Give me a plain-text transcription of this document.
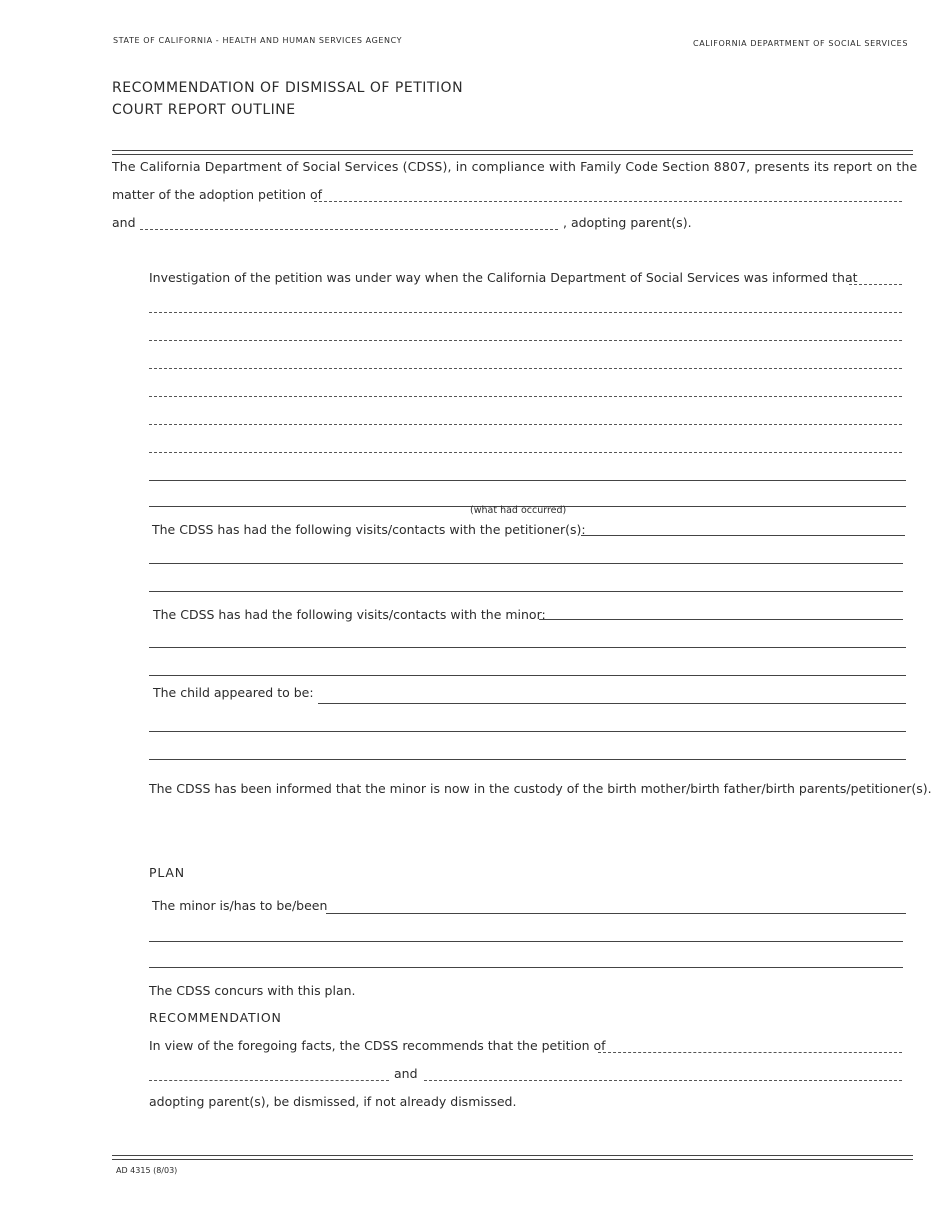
STATE OF CALIFORNIA - HEALTH AND HUMAN SERVICES AGENCY	CALIFORNIA DEPARTMENT OF SOCIAL SERVICES
RECOMMENDATION OF DISMISSAL OF PETITION
COURT REPORT OUTLINE
The California Department of Social Services (CDSS), in compliance with Family Code Section 8807, presents its report on the
matter of the adoption petition of
and	, adopting parent(s).
Investigation of the petition was under way when the California Department of Social Services was informed that
(what had occurred)
The CDSS has had the following visits/contacts with the petitioner(s):
The CDSS has had the following visits/contacts with the minor:
The child appeared to be:
The CDSS has been informed that the minor is now in the custody of the birth mother/birth father/birth parents/petitioner(s).
PLAN
The minor is/has to be/been
The CDSS concurs with this plan.
RECOMMENDATION
In view of the foregoing facts, the CDSS recommends that the petition of
and
adopting parent(s), be dismissed, if not already dismissed.
AD 4315 (8/03)
